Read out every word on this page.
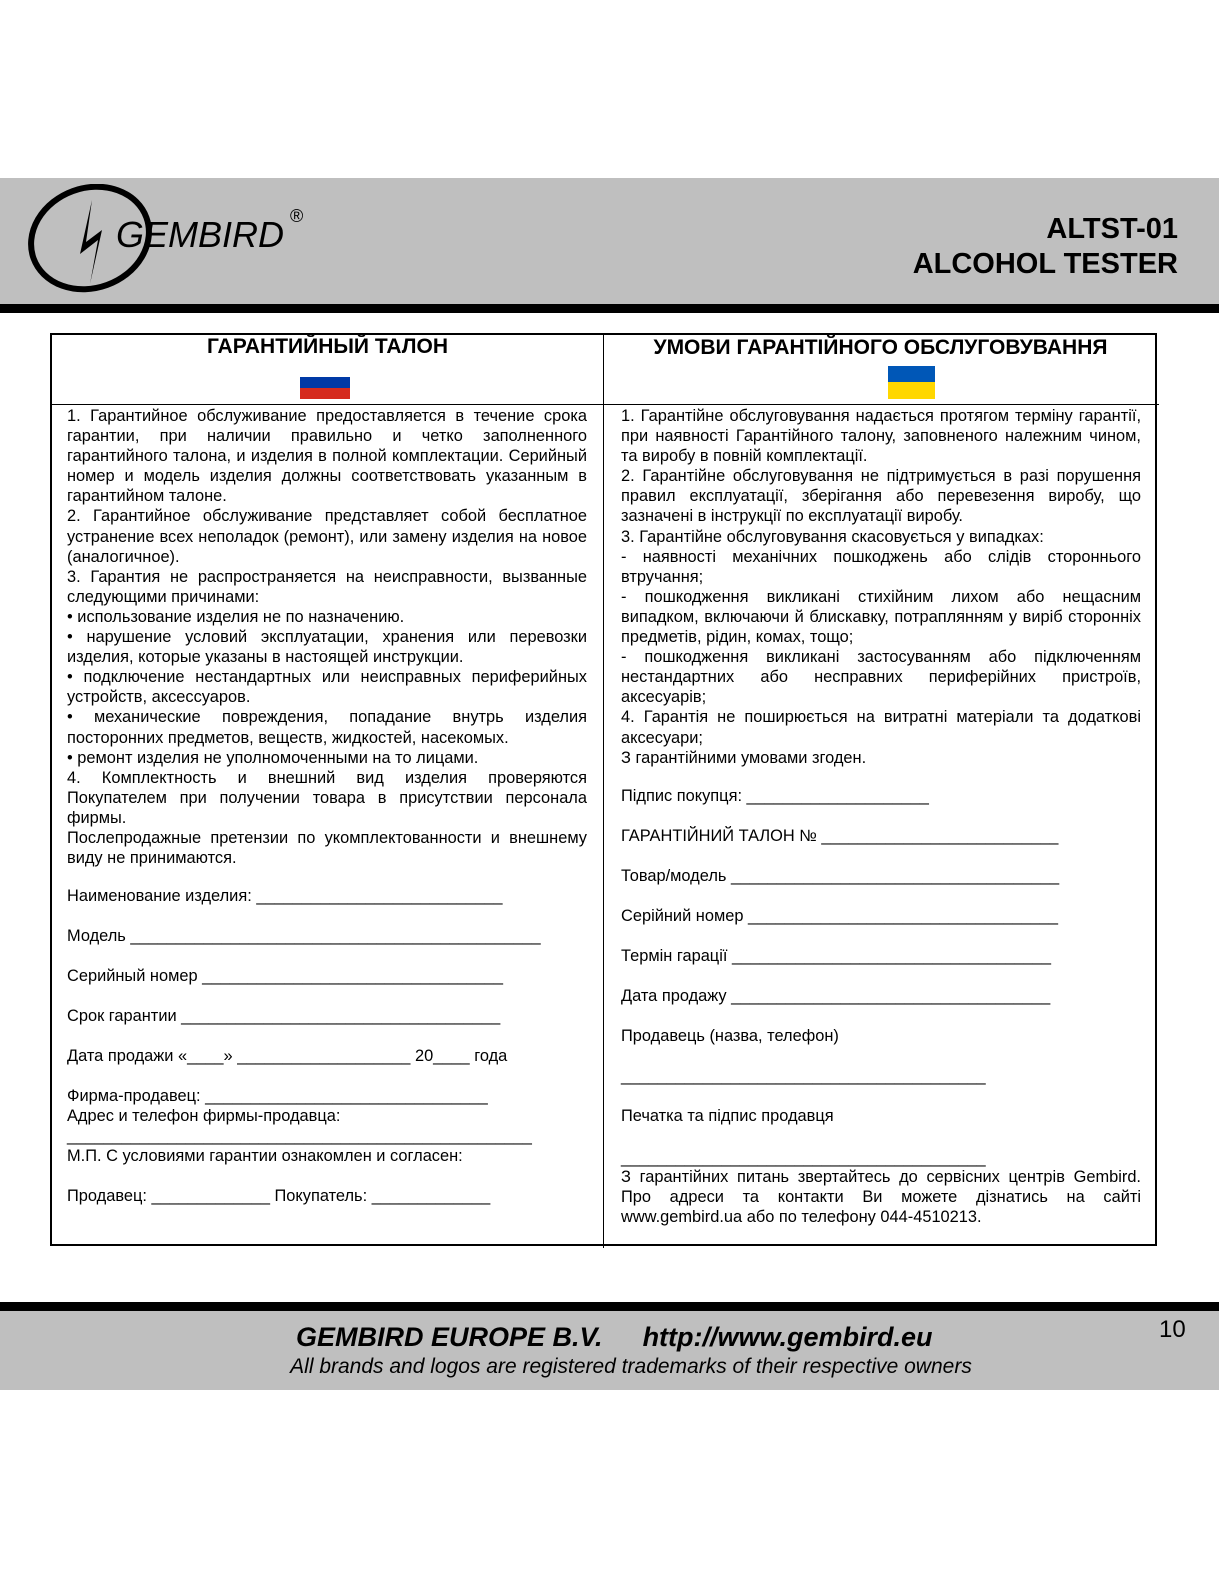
GEMBIRD ®	ALTST-01
ALCOHOL TESTER
ГАРАНТИЙНЫЙ ТАЛОН	УМОВИ ГАРАНТІЙНОГО ОБСЛУГОВУВАННЯ

1. Гарантийное обслуживание предоставляется в течение срока гарантии, при наличии правильно и четко заполненного гарантийного талона, и изделия в полной комплектации. Серийный номер и модель изделия должны соответствовать указанным в гарантийном талоне.

2. Гарантийное обслуживание представляет собой бесплатное устранение всех неполадок (ремонт), или замену изделия на новое (аналогичное).

3. Гарантия не распространяется на неисправности, вызванные следующими причинами:

• использование изделия не по назначению.

• нарушение условий эксплуатации, хранения или перевозки изделия, которые указаны в настоящей инструкции.

• подключение нестандартных или неисправных периферийных устройств, аксессуаров.

• механические повреждения, попадание внутрь изделия посторонних предметов, веществ, жидкостей, насекомых.

• ремонт изделия не уполномоченными на то лицами.

4. Комплектность и внешний вид изделия проверяются Покупателем при получении товара в присутствии персонала фирмы.

Послепродажные претензии по укомплектованности и внешнему виду не принимаются.

Наименование изделия: ___________________________
Модель _____________________________________________
Серийный номер _________________________________
Срок гарантии ___________________________________
Дата продажи «____» ___________________ 20____ года
Фирма-продавец: _______________________________
Адрес и телефон фирмы-продавца:
___________________________________________________
М.П. С условиями гарантии ознакомлен и согласен:
Продавец: _____________ Покупатель: _____________

1. Гарантійне обслуговування надається протягом терміну гарантії, при наявності Гарантійного талону, заповненого належним чином, та виробу в повній комплектації.

2. Гарантійне обслуговування не підтримується в разі порушення правил експлуатації, зберігання або перевезення виробу, що зазначені в інструкції по експлуатації виробу.

3. Гарантійне обслуговування скасовується у випадках:

- наявності механічних пошкоджень або слідів стороннього втручання;

- пошкодження викликані стихійним лихом або нещасним випадком, включаючи й блискавку, потраплянням у виріб сторонніх предметів, рідин, комах, тощо;

- пошкодження викликані застосуванням або підключенням нестандартних або несправних периферійних пристроїв, аксесуарів;

4. Гарантія не поширюється на витратні матеріали та додаткові аксесуари;

З гарантійними умовами згоден.

Підпис покупця: ____________________
ГАРАНТІЙНИЙ ТАЛОН № __________________________
Товар/модель ____________________________________
Серійний номер __________________________________
Термін гарації ___________________________________
Дата продажу ___________________________________
Продавець (назва, телефон)
________________________________________
Печатка та підпис продавця
________________________________________
З гарантійних питань звертайтесь до сервісних центрів Gembird. Про адреси та контакти Ви можете дізнатись на сайті www.gembird.ua або по телефону 044-4510213.
GEMBIRD EUROPE B.V. http://www.gembird.eu
All brands and logos are registered trademarks of their respective owners
10
